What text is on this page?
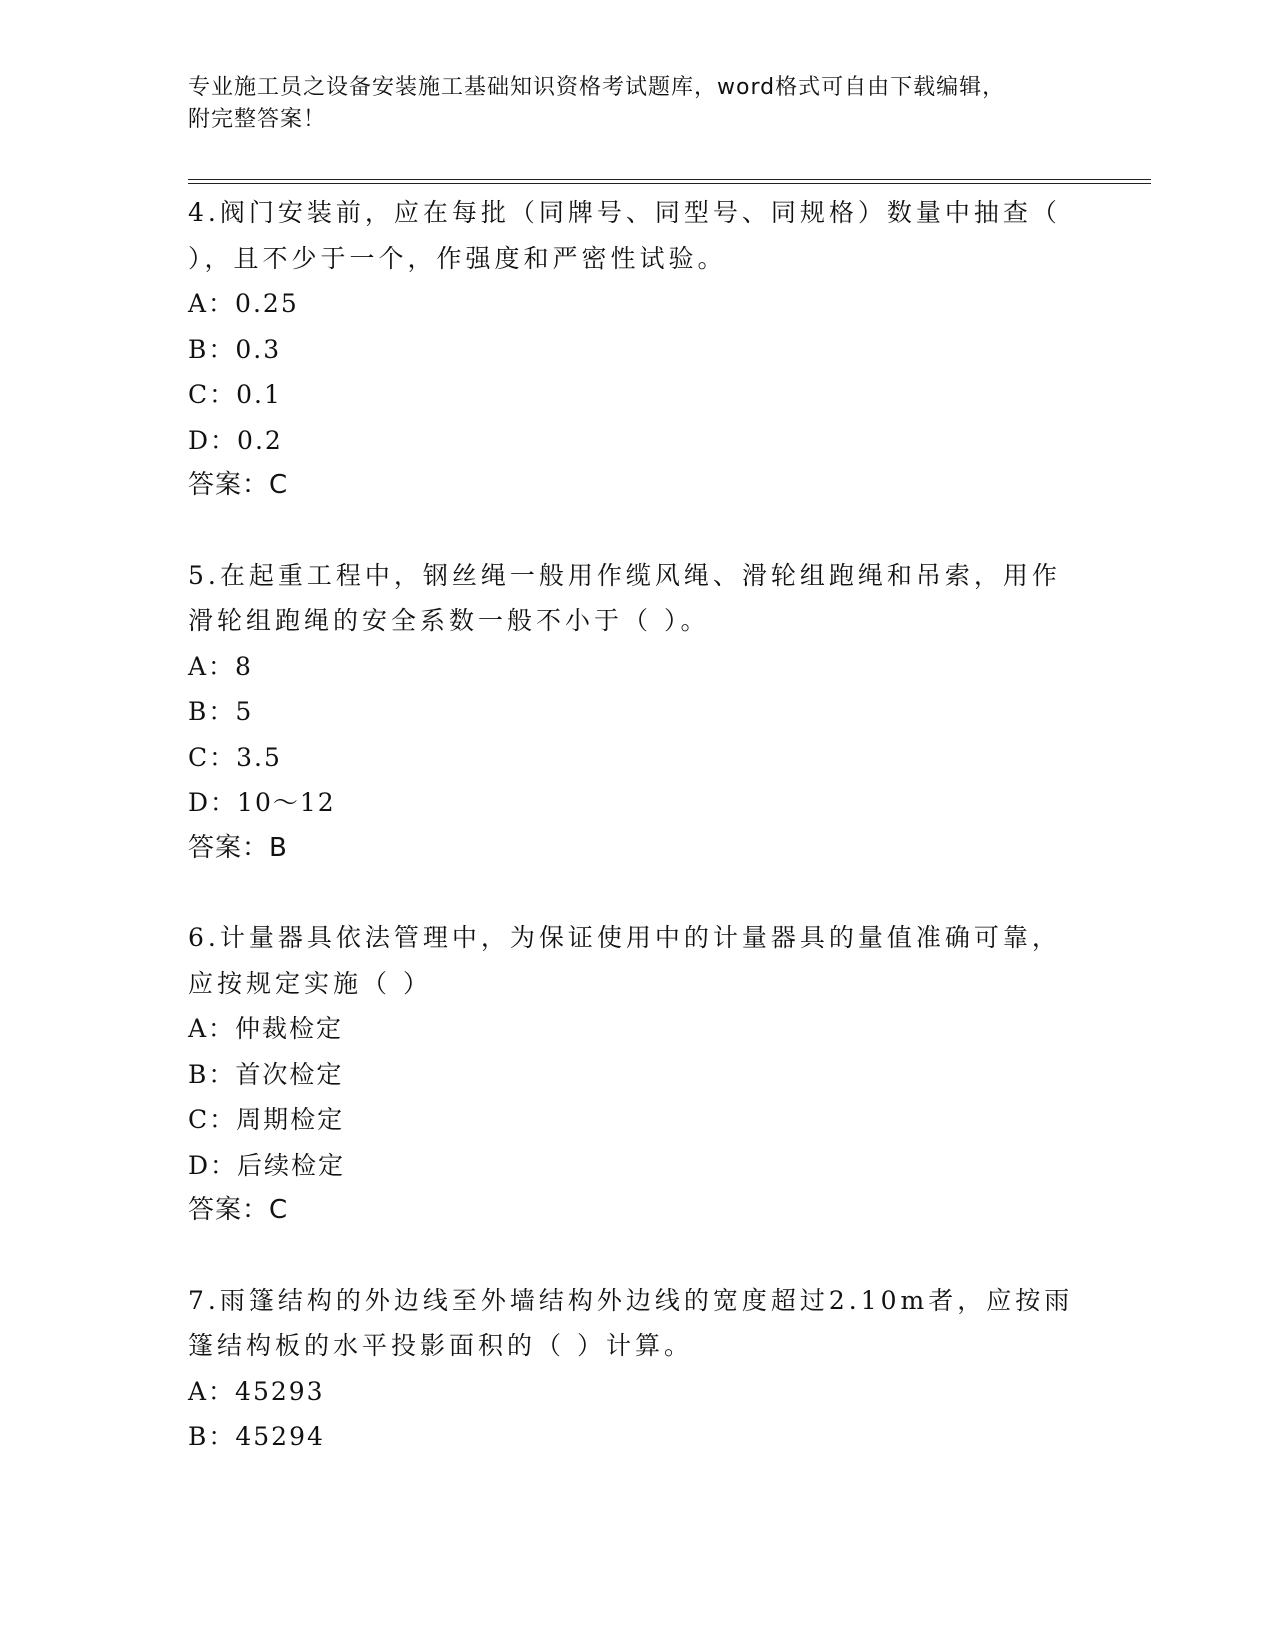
专业施工员之设备安装施工基础知识资格考试题库，word格式可自由下载编辑，
附完整答案！
4.阀门安装前，应在每批（同牌号、同型号、同规格）数量中抽查（
），且不少于一个，作强度和严密性试验。
A：0.25
B：0.3
C：0.1
D：0.2
答案：C
5.在起重工程中，钢丝绳一般用作缆风绳、滑轮组跑绳和吊索，用作
滑轮组跑绳的安全系数一般不小于（ ）。
A：8
B：5
C：3.5
D：10～12
答案：B
6.计量器具依法管理中，为保证使用中的计量器具的量值准确可靠，
应按规定实施（ ）
A：仲裁检定
B：首次检定
C：周期检定
D：后续检定
答案：C
7.雨篷结构的外边线至外墙结构外边线的宽度超过2.10m者，应按雨
篷结构板的水平投影面积的（ ）计算。
A：45293
B：45294
